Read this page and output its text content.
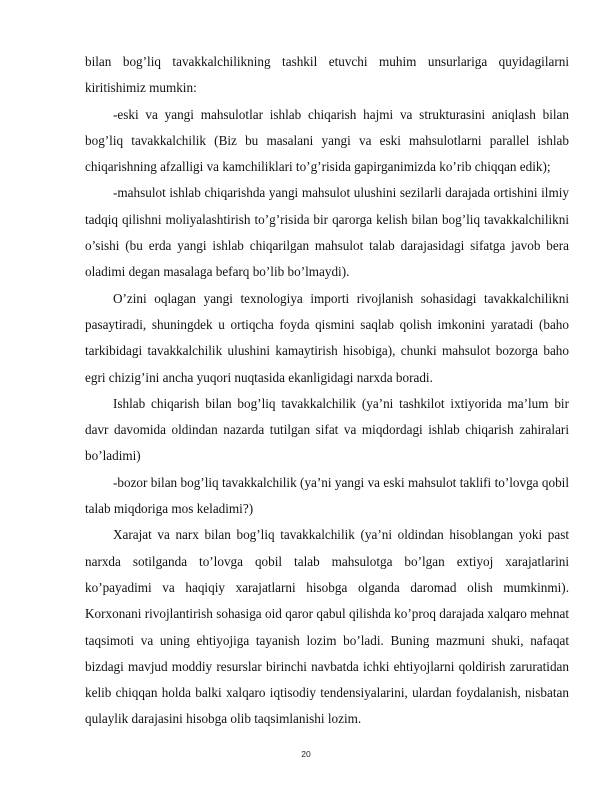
bilan bog’liq tavakkalchilikning tashkil etuvchi muhim unsurlariga quyidagilarni kiritishimiz mumkin:

-eski va yangi mahsulotlar ishlab chiqarish hajmi va strukturasini aniqlash bilan bog’liq tavakkalchilik (Biz bu masalani yangi va eski mahsulotlarni parallel ishlab chiqarishning afzalligi va kamchiliklari to’g’risida gapirganimizda ko’rib chiqqan edik);

-mahsulot ishlab chiqarishda yangi mahsulot ulushini sezilarli darajada ortishini ilmiy tadqiq qilishni moliyalashtirish to’g’risida bir qarorga kelish bilan bog’liq tavakkalchilikni o’sishi (bu erda yangi ishlab chiqarilgan mahsulot talab darajasidagi sifatga javob bera oladimi degan masalaga befarq bo’lib bo’lmaydi).

O’zini oqlagan yangi texnologiya importi rivojlanish sohasidagi tavakkalchilikni pasaytiradi, shuningdek u ortiqcha foyda qismini saqlab qolish imkonini yaratadi (baho tarkibidagi tavakkalchilik ulushini kamaytirish hisobiga), chunki mahsulot bozorga baho egri chizig’ini ancha yuqori nuqtasida ekanligidagi narxda boradi.

Ishlab chiqarish bilan bog’liq tavakkalchilik (ya’ni tashkilot ixtiyorida ma’lum bir davr davomida oldindan nazarda tutilgan sifat va miqdordagi ishlab chiqarish zahiralari bo’ladimi)

-bozor bilan bog’liq tavakkalchilik (ya’ni yangi va eski mahsulot taklifi to’lovga qobil talab miqdoriga mos keladimi?)

Xarajat va narx bilan bog’liq tavakkalchilik (ya’ni oldindan hisoblangan yoki past narxda sotilganda to’lovga qobil talab mahsulotga bo’lgan extiyoj xarajatlarini ko’payadimi va haqiqiy xarajatlarni hisobga olganda daromad olish mumkinmi). Korxonani rivojlantirish sohasiga oid qaror qabul qilishda ko’proq darajada xalqaro mehnat taqsimoti va uning ehtiyojiga tayanish lozim bo’ladi. Buning mazmuni shuki, nafaqat bizdagi mavjud moddiy resurslar birinchi navbatda ichki ehtiyojlarni qoldirish zaruratidan kelib chiqqan holda balki xalqaro iqtisodiy tendensiyalarini, ulardan foydalanish, nisbatan qulaylik darajasini hisobga olib taqsimlanishi lozim.

20
